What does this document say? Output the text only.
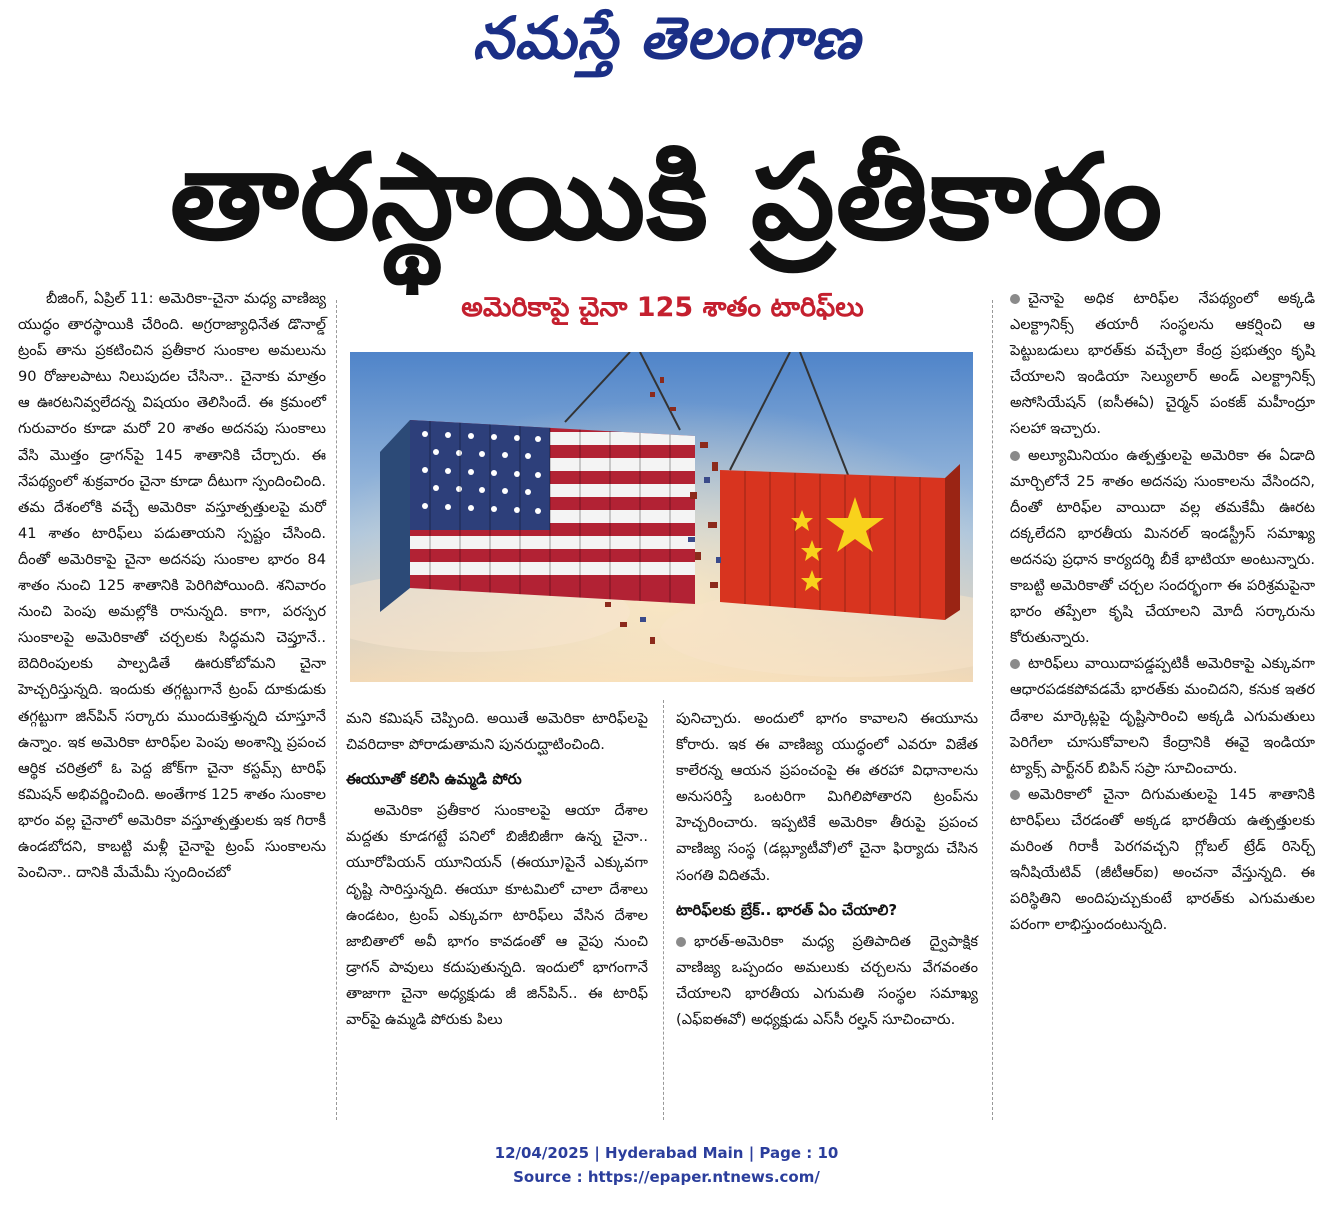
నమస్తే తెలంగాణ
తారస్థాయికి ప్రతీకారం
అమెరికాపై చైనా 125 శాతం టారిఫ్‌లు

బీజింగ్‌, ఏప్రిల్‌ 11: అమెరికా-చైనా మధ్య వాణిజ్య యుద్ధం తారస్థాయికి చేరింది. అగ్రరాజ్యాధినేత డొనాల్డ్‌ ట్రంప్‌ తాను ప్రకటించిన ప్రతీకార సుంకాల అమలును 90 రోజులపాటు నిలుపుదల చేసినా.. చైనాకు మాత్రం ఆ ఊరటనివ్వలేదన్న విషయం తెలిసిందే. ఈ క్రమంలో గురువారం కూడా మరో 20 శాతం అదనపు సుంకాలు వేసి మొత్తం డ్రాగన్‌పై 145 శాతానికి చేర్చారు. ఈ నేపథ్యంలో శుక్రవారం చైనా కూడా దీటుగా స్పందించింది. తమ దేశంలోకి వచ్చే అమెరికా వస్తూత్పత్తులపై మరో 41 శాతం టారిఫ్‌లు పడుతాయని స్పష్టం చేసింది. దీంతో అమెరికాపై చైనా అదనపు సుంకాల భారం 84 శాతం నుంచి 125 శాతానికి పెరిగిపోయింది. శనివారం నుంచి పెంపు అమల్లోకి రానున్నది. కాగా, పరస్పర సుంకాలపై అమెరికాతో చర్చలకు సిద్ధమని చెప్తూనే.. బెదిరింపులకు పాల్పడితే ఊరుకోబోమని చైనా హెచ్చరిస్తున్నది. ఇందుకు తగ్గట్టుగానే ట్రంప్‌ దూకుడుకు తగ్గట్టుగా జిన్‌పిన్‌ సర్కారు ముందుకెళ్తున్నది చూస్తూనే ఉన్నాం. ఇక అమెరికా టారిఫ్‌ల పెంపు అంశాన్ని ప్రపంచ ఆర్థిక చరిత్రలో ఓ పెద్ద జోక్‌గా చైనా కస్టమ్స్‌ టారిఫ్‌ కమిషన్‌ అభివర్ణించింది. అంతేగాక 125 శాతం సుంకాల భారం వల్ల చైనాలో అమెరికా వస్తూత్పత్తులకు ఇక గిరాకీ ఉండబోదని, కాబట్టి మళ్లీ చైనాపై ట్రంప్‌ సుంకాలను పెంచినా.. దానికి మేమేమీ స్పందించబో

మని కమిషన్‌ చెప్పింది. అయితే అమెరికా టారిఫ్‌లపై చివరిదాకా పోరాడుతామని పునరుద్ఘాటించింది.

ఈయూతో కలిసి ఉమ్మడి పోరు

అమెరికా ప్రతీకార సుంకాలపై ఆయా దేశాల మద్దతు కూడగట్టే పనిలో బిజీబిజీగా ఉన్న చైనా.. యూరోపియన్‌ యూనియన్‌ (ఈయూ)పైనే ఎక్కువగా దృష్టి సారిస్తున్నది. ఈయూ కూటమిలో చాలా దేశాలు ఉండటం, ట్రంప్‌ ఎక్కువగా టారిఫ్‌లు వేసిన దేశాల జాబితాలో అవీ భాగం కావడంతో ఆ వైపు నుంచి డ్రాగన్‌ పావులు కదుపుతున్నది. ఇందులో భాగంగానే తాజాగా చైనా అధ్యక్షుడు జీ జిన్‌పిన్‌.. ఈ టారిఫ్‌ వార్‌పై ఉమ్మడి పోరుకు పిలు

పునిచ్చారు. అందులో భాగం కావాలని ఈయూను కోరారు. ఇక ఈ వాణిజ్య యుద్ధంలో ఎవరూ విజేత కాలేరన్న ఆయన ప్రపంచంపై ఈ తరహా విధానాలను అనుసరిస్తే ఒంటరిగా మిగిలిపోతారని ట్రంప్‌ను హెచ్చరించారు. ఇప్పటికే అమెరికా తీరుపై ప్రపంచ వాణిజ్య సంస్థ (డబ్ల్యూటీవో)లో చైనా ఫిర్యాదు చేసిన సంగతి విదితమే.

టారిఫ్‌లకు బ్రేక్‌.. భారత్‌ ఏం చేయాలి?

భారత్‌-అమెరికా మధ్య ప్రతిపాదిత ద్వైపాక్షిక వాణిజ్య ఒప్పందం అమలుకు చర్చలను వేగవంతం చేయాలని భారతీయ ఎగుమతి సంస్థల సమాఖ్య (ఎఫ్‌ఐఈవో) అధ్యక్షుడు ఎస్‌సీ రల్హన్‌ సూచించారు.

చైనాపై అధిక టారిఫ్‌ల నేపథ్యంలో అక్కడి ఎలక్ట్రానిక్స్‌ తయారీ సంస్థలను ఆకర్షించి ఆ పెట్టుబడులు భారత్‌కు వచ్చేలా కేంద్ర ప్రభుత్వం కృషి చేయాలని ఇండియా సెల్యులార్‌ అండ్‌ ఎలక్ట్రానిక్స్‌ అసోసియేషన్‌ (ఐసీఈఏ) చైర్మన్‌ పంకజ్‌ మహీంద్రూ సలహా ఇచ్చారు.

అల్యూమినియం ఉత్పత్తులపై అమెరికా ఈ ఏడాది మార్చిలోనే 25 శాతం అదనపు సుంకాలను వేసిందని, దీంతో టారిఫ్‌ల వాయిదా వల్ల తమకేమీ ఊరట దక్కలేదని భారతీయ మినరల్‌ ఇండస్ట్రీస్‌ సమాఖ్య అదనపు ప్రధాన కార్యదర్శి బీకే భాటియా అంటున్నారు. కాబట్టి అమెరికాతో చర్చల సందర్భంగా ఈ పరిశ్రమపైనా భారం తప్పేలా కృషి చేయాలని మోదీ సర్కారును కోరుతున్నారు.

టారిఫ్‌లు వాయిదాపడ్డప్పటికీ అమెరికాపై ఎక్కువగా ఆధారపడకపోవడమే భారత్‌కు మంచిదని, కనుక ఇతర దేశాల మార్కెట్లపై దృష్టిసారించి అక్కడి ఎగుమతులు పెరిగేలా చూసుకోవాలని కేంద్రానికి ఈవై ఇండియా ట్యాక్స్‌ పార్ట్‌నర్‌ బిపిన్‌ సప్రా సూచించారు.

అమెరికాలో చైనా దిగుమతులపై 145 శాతానికి టారిఫ్‌లు చేరడంతో అక్కడ భారతీయ ఉత్పత్తులకు మరింత గిరాకీ పెరగవచ్చని గ్లోబల్‌ ట్రేడ్‌ రిసెర్చ్‌ ఇనీషియేటివ్‌ (జీటీఆర్‌ఐ) అంచనా వేస్తున్నది. ఈ పరిస్థితిని అందిపుచ్చుకుంటే భారత్‌కు ఎగుమతుల పరంగా లాభిస్తుందంటున్నది.

12/04/2025 | Hyderabad Main | Page : 10
Source : https://epaper.ntnews.com/
